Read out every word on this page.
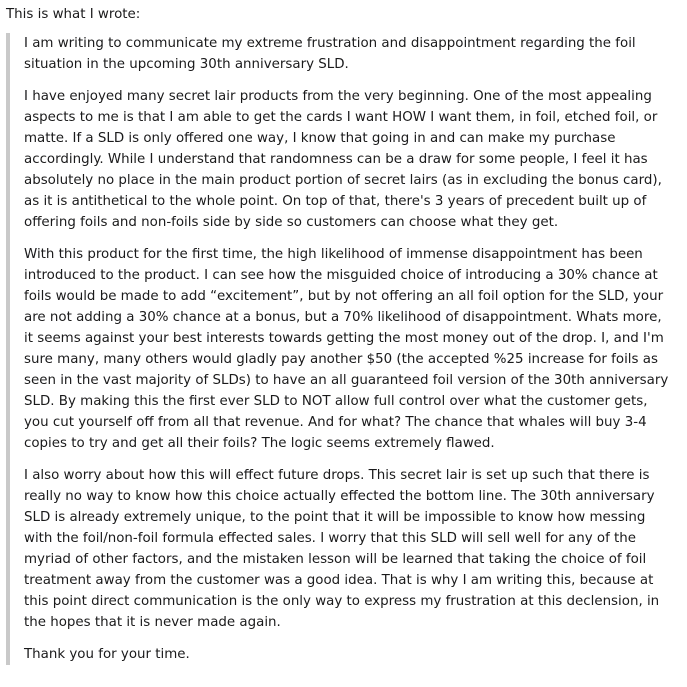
This is what I wrote:

I am writing to communicate my extreme frustration and disappointment regarding the foil situation in the upcoming 30th anniversary SLD.

I have enjoyed many secret lair products from the very beginning. One of the most appealing aspects to me is that I am able to get the cards I want HOW I want them, in foil, etched foil, or matte. If a SLD is only offered one way, I know that going in and can make my purchase accordingly. While I understand that randomness can be a draw for some people, I feel it has absolutely no place in the main product portion of secret lairs (as in excluding the bonus card), as it is antithetical to the whole point. On top of that, there's 3 years of precedent built up of offering foils and non-foils side by side so customers can choose what they get.

With this product for the first time, the high likelihood of immense disappointment has been introduced to the product. I can see how the misguided choice of introducing a 30% chance at foils would be made to add “excitement”, but by not offering an all foil option for the SLD, your are not adding a 30% chance at a bonus, but a 70% likelihood of disappointment. Whats more, it seems against your best interests towards getting the most money out of the drop. I, and I'm sure many, many others would gladly pay another $50 (the accepted %25 increase for foils as seen in the vast majority of SLDs) to have an all guaranteed foil version of the 30th anniversary SLD. By making this the first ever SLD to NOT allow full control over what the customer gets, you cut yourself off from all that revenue. And for what? The chance that whales will buy 3-4 copies to try and get all their foils? The logic seems extremely flawed.

I also worry about how this will effect future drops. This secret lair is set up such that there is really no way to know how this choice actually effected the bottom line. The 30th anniversary SLD is already extremely unique, to the point that it will be impossible to know how messing with the foil/non-foil formula effected sales. I worry that this SLD will sell well for any of the myriad of other factors, and the mistaken lesson will be learned that taking the choice of foil treatment away from the customer was a good idea. That is why I am writing this, because at this point direct communication is the only way to express my frustration at this declension, in the hopes that it is never made again.

Thank you for your time.
